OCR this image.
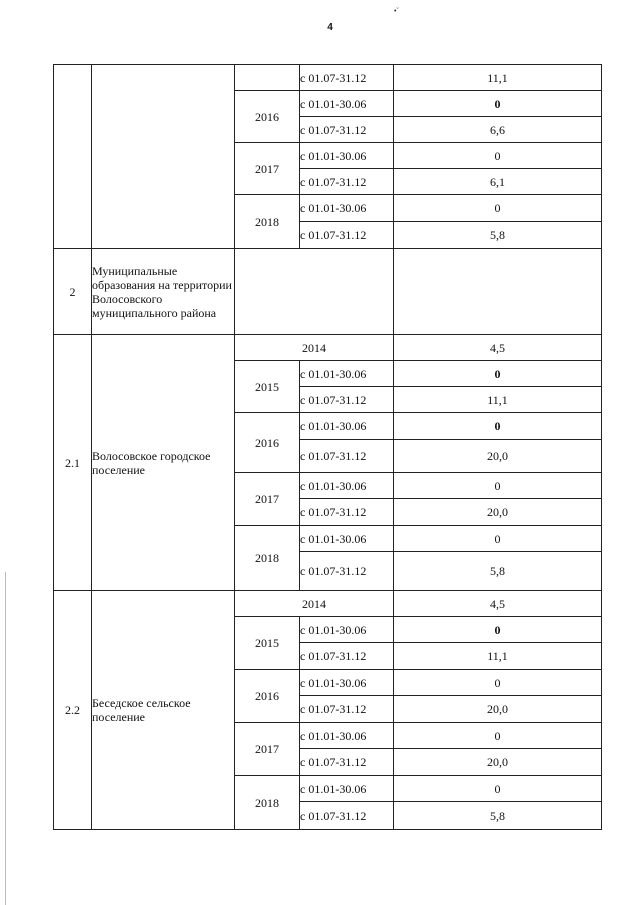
4
•ˇ
			с 01.07-31.12	11,1
		2016	с 01.01-30.06	0
			с 01.07-31.12	6,6
		2017	с 01.01-30.06	0
			с 01.07-31.12	6,1
		2018	с 01.01-30.06	0
			с 01.07-31.12	5,8
2	Муниципальные образования на территории Волосовского муниципального района			
2.1	Волосовское городское поселение	2014		4,5
		2015	с 01.01-30.06	0
			с 01.07-31.12	11,1
		2016	с 01.01-30.06	0
			с 01.07-31.12	20,0
		2017	с 01.01-30.06	0
			с 01.07-31.12	20,0
		2018	с 01.01-30.06	0
			с 01.07-31.12	5,8
2.2	Беседское сельское поселение	2014		4,5
		2015	с 01.01-30.06	0
			с 01.07-31.12	11,1
		2016	с 01.01-30.06	0
			с 01.07-31.12	20,0
		2017	с 01.01-30.06	0
			с 01.07-31.12	20,0
		2018	с 01.01-30.06	0
			с 01.07-31.12	5,8
